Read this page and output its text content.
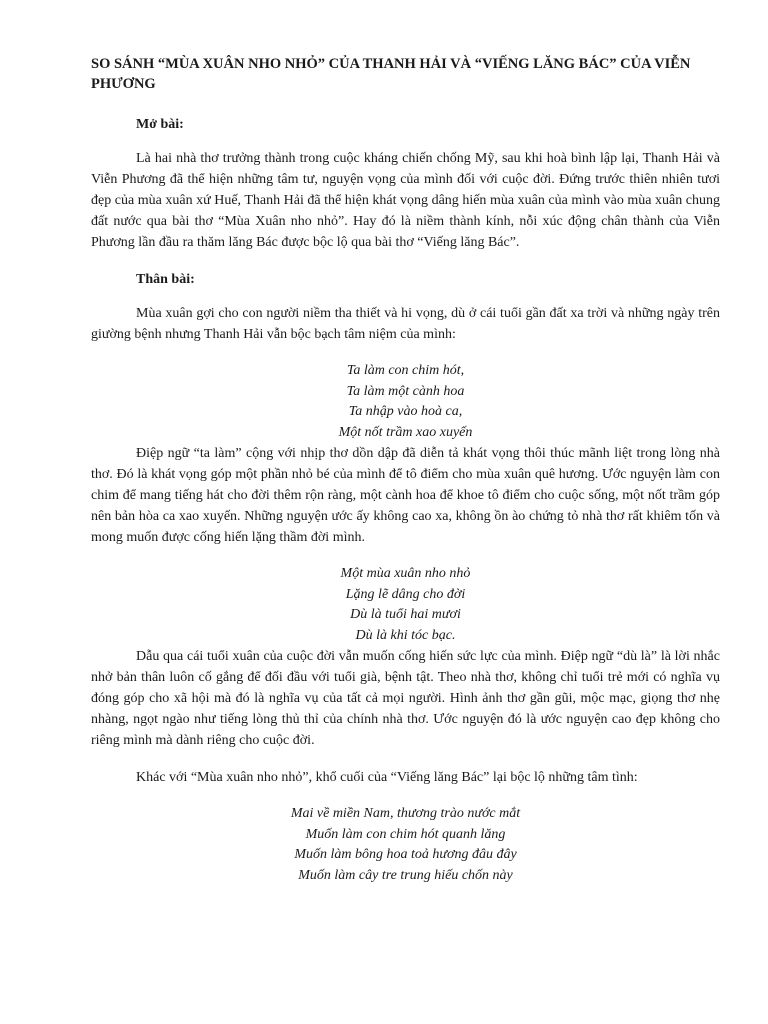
SO SÁNH “MÙA XUÂN NHO NHỎ” CỦA THANH HẢI VÀ “VIẾNG LĂNG BÁC” CỦA VIỄN PHƯƠNG

Mở bài:

Là hai nhà thơ trưởng thành trong cuộc kháng chiến chống Mỹ, sau khi hoà bình lập lại, Thanh Hải và Viễn Phương đã thể hiện những tâm tư, nguyện vọng của mình đối với cuộc đời. Đứng trước thiên nhiên tươi đẹp của mùa xuân xứ Huế, Thanh Hải đã thể hiện khát vọng dâng hiến mùa xuân của mình vào mùa xuân chung đất nước qua bài thơ “Mùa Xuân nho nhỏ”. Hay đó là niềm thành kính, nỗi xúc động chân thành của Viễn Phương lần đầu ra thăm lăng Bác được bộc lộ qua bài thơ “Viếng lăng Bác”.

Thân bài:

Mùa xuân gợi cho con người niềm tha thiết và hi vọng, dù ở cái tuổi gần đất xa trời và những ngày trên giường bệnh nhưng Thanh Hải vẫn bộc bạch tâm niệm của mình:

Ta làm con chim hót,
Ta làm một cành hoa
Ta nhập vào hoà ca,
Một nốt trầm xao xuyến

Điệp ngữ “ta làm” cộng với nhịp thơ dồn dập đã diễn tả khát vọng thôi thúc mãnh liệt trong lòng nhà thơ. Đó là khát vọng góp một phần nhỏ bé của mình để tô điểm cho mùa xuân quê hương. Ước nguyện làm con chim để mang tiếng hát cho đời thêm rộn ràng, một cành hoa để khoe tô điểm cho cuộc sống, một nốt trầm góp nên bản hòa ca xao xuyến. Những nguyện ước ấy không cao xa, không ồn ào chứng tỏ nhà thơ rất khiêm tốn và mong muốn được cống hiến lặng thầm đời mình.

Một mùa xuân nho nhỏ
Lặng lẽ dâng cho đời
Dù là tuổi hai mươi
Dù là khi tóc bạc.

Dẫu qua cái tuổi xuân của cuộc đời vẫn muốn cống hiến sức lực của mình. Điệp ngữ “dù là” là lời nhắc nhở bản thân luôn cố gắng để đối đầu với tuổi già, bệnh tật. Theo nhà thơ, không chỉ tuổi trẻ mới có nghĩa vụ đóng góp cho xã hội mà đó là nghĩa vụ của tất cả mọi người. Hình ảnh thơ gần gũi, mộc mạc, giọng thơ nhẹ nhàng, ngọt ngào như tiếng lòng thủ thỉ của chính nhà thơ. Ước nguyện đó là ước nguyện cao đẹp không cho riêng mình mà dành riêng cho cuộc đời.

Khác với “Mùa xuân nho nhỏ”, khổ cuối của “Viếng lăng Bác” lại bộc lộ những tâm tình:

Mai về miền Nam, thương trào nước mắt
Muốn làm con chim hót quanh lăng
Muốn làm bông hoa toả hương đâu đây
Muốn làm cây tre trung hiếu chốn này
